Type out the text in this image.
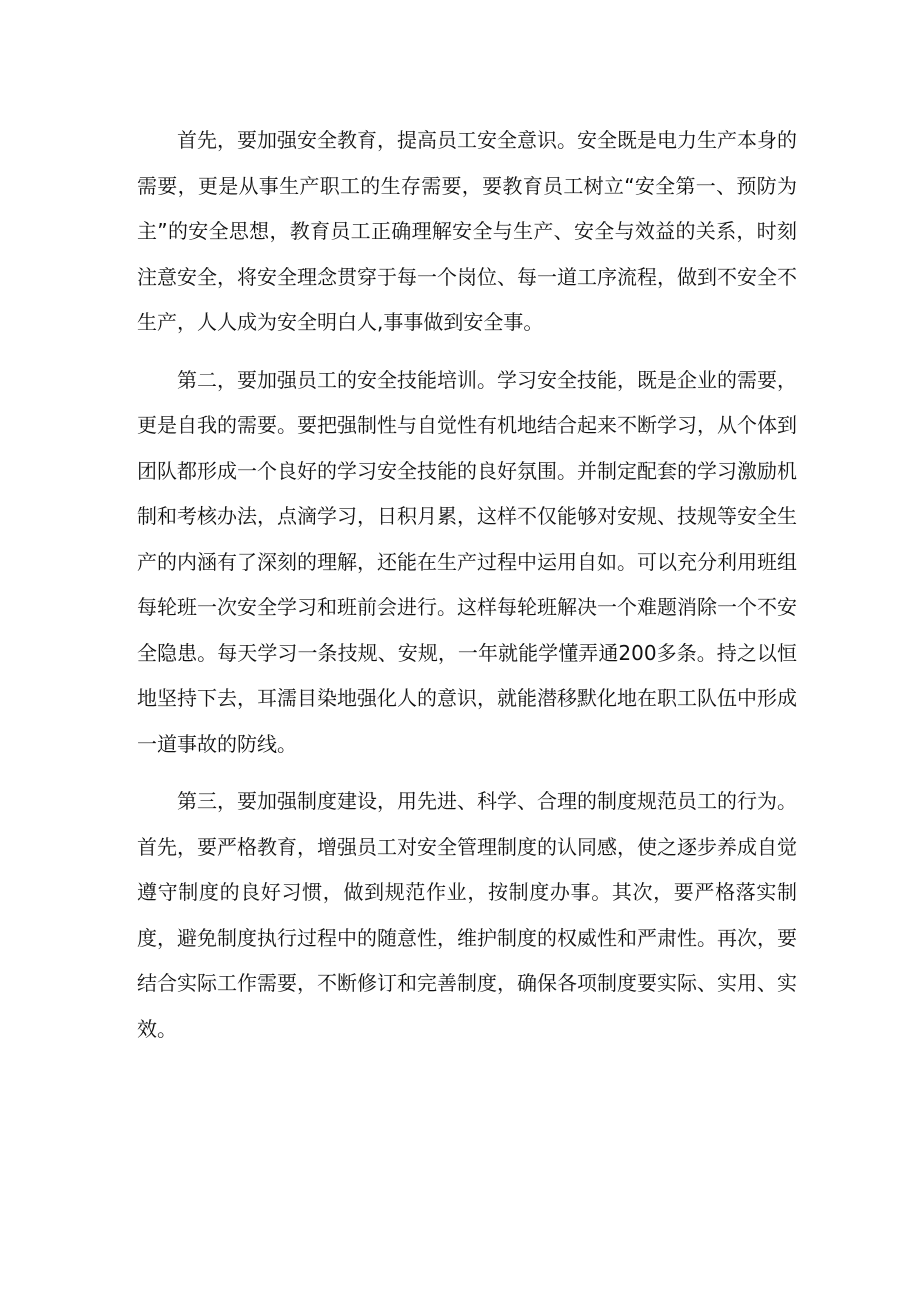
首先，要加强安全教育，提高员工安全意识。安全既是电力生产本身的需要，更是从事生产职工的生存需要，要教育员工树立“安全第一、预防为主”的安全思想，教育员工正确理解安全与生产、安全与效益的关系，时刻注意安全，将安全理念贯穿于每一个岗位、每一道工序流程，做到不安全不生产，人人成为安全明白人,事事做到安全事。

第二，要加强员工的安全技能培训。学习安全技能，既是企业的需要，更是自我的需要。要把强制性与自觉性有机地结合起来不断学习，从个体到团队都形成一个良好的学习安全技能的良好氛围。并制定配套的学习激励机制和考核办法，点滴学习，日积月累，这样不仅能够对安规、技规等安全生产的内涵有了深刻的理解，还能在生产过程中运用自如。可以充分利用班组每轮班一次安全学习和班前会进行。这样每轮班解决一个难题消除一个不安全隐患。每天学习一条技规、安规，一年就能学懂弄通200多条。持之以恒地坚持下去，耳濡目染地强化人的意识，就能潜移默化地在职工队伍中形成一道事故的防线。

第三，要加强制度建设，用先进、科学、合理的制度规范员工的行为。首先，要严格教育，增强员工对安全管理制度的认同感，使之逐步养成自觉遵守制度的良好习惯，做到规范作业，按制度办事。其次，要严格落实制度，避免制度执行过程中的随意性，维护制度的权威性和严肃性。再次，要结合实际工作需要，不断修订和完善制度，确保各项制度要实际、实用、实效。
